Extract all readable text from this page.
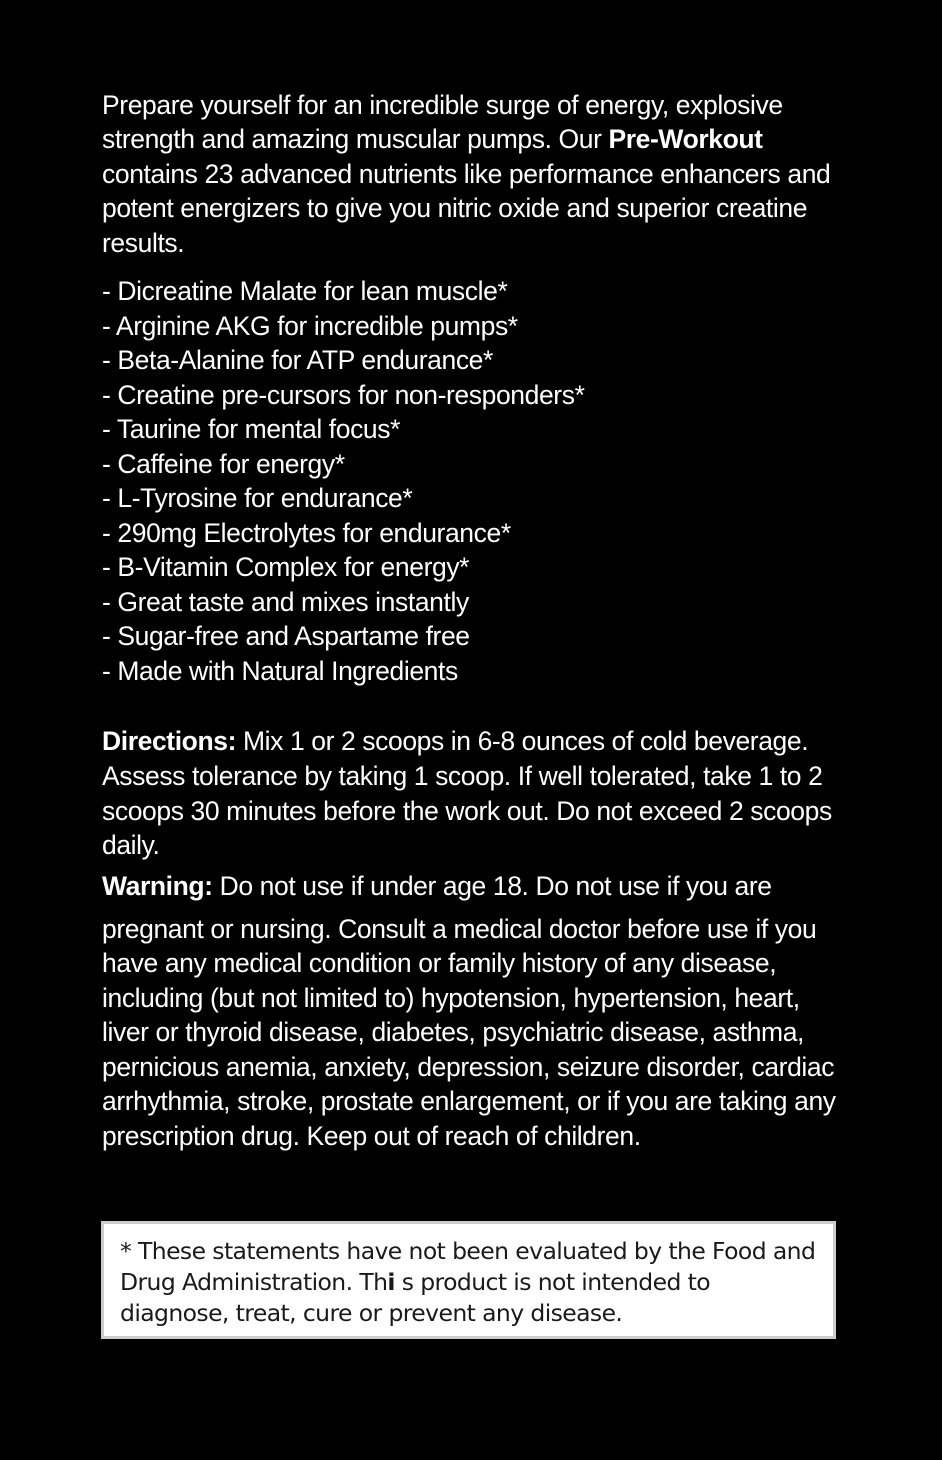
Prepare yourself for an incredible surge of energy, explosive strength and amazing muscular pumps. Our Pre-Workout contains 23 advanced nutrients like performance enhancers and potent energizers to give you nitric oxide and superior creatine results.

- Dicreatine Malate for lean muscle*
- Arginine AKG for incredible pumps*
- Beta-Alanine for ATP endurance*
- Creatine pre-cursors for non-responders*
- Taurine for mental focus*
- Caffeine for energy*
- L-Tyrosine for endurance*
- 290mg Electrolytes for endurance*
- B-Vitamin Complex for energy*
- Great taste and mixes instantly
- Sugar-free and Aspartame free
- Made with Natural Ingredients

Directions: Mix 1 or 2 scoops in 6-8 ounces of cold beverage.     Assess tolerance by taking 1 scoop. If well tolerated, take 1 to 2 scoops 30 minutes before the work out. Do not exceed 2 scoops daily.

Warning: Do not use if under age 18. Do not use if you are
pregnant or nursing. Consult a medical doctor before use if you have any medical condition or family history of any disease, including (but not limited to) hypotension, hypertension, heart, liver or thyroid disease, diabetes, psychiatric disease, asthma, pernicious anemia, anxiety, depression, seizure disorder, cardiac arrhythmia, stroke, prostate enlargement, or if you are taking any prescription drug. Keep out of reach of children.

* These statements have not been evaluated by the Food and Drug Administration. Thi s product is not intended to diagnose, treat, cure or prevent any disease.
